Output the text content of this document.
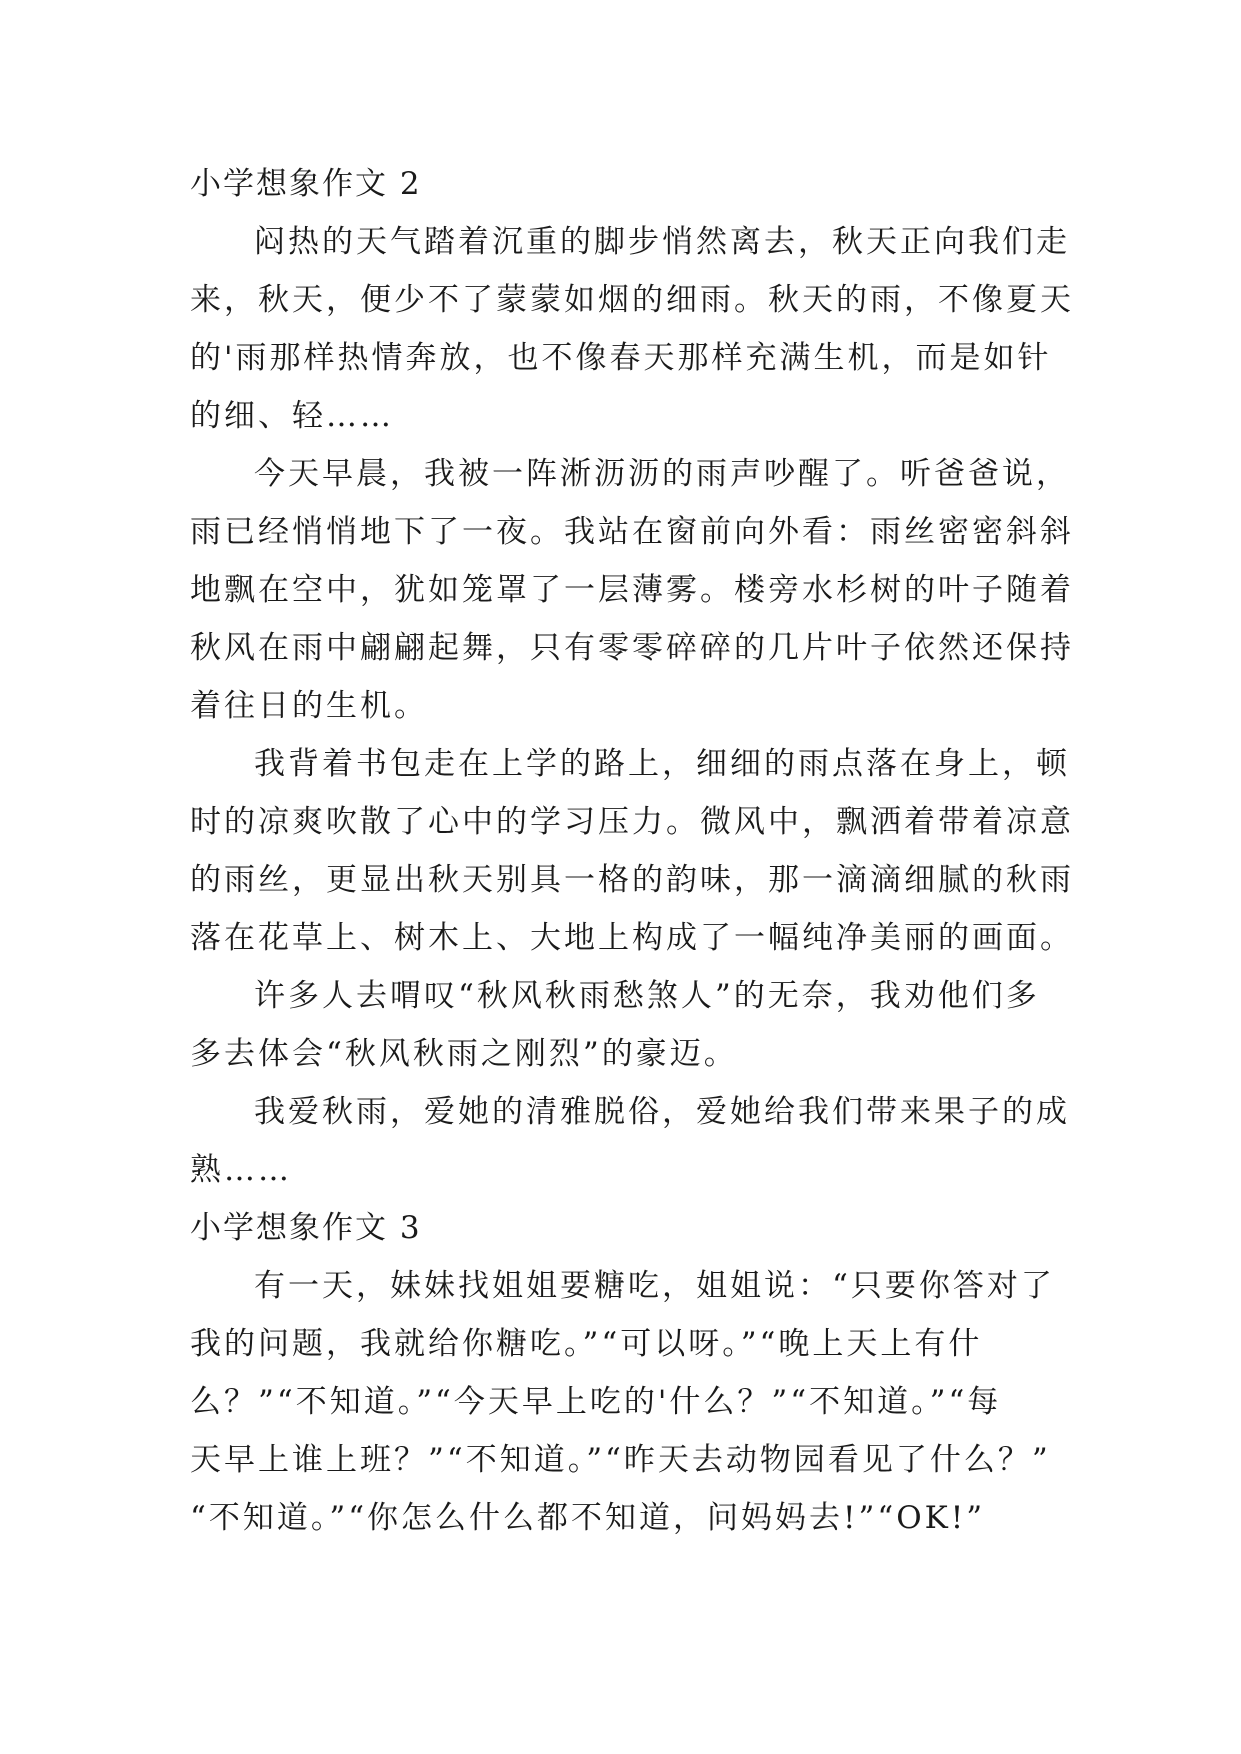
小学想象作文 2
闷热的天气踏着沉重的脚步悄然离去，秋天正向我们走
来，秋天，便少不了蒙蒙如烟的细雨。秋天的雨，不像夏天
的'雨那样热情奔放，也不像春天那样充满生机，而是如针
的细、轻……
今天早晨，我被一阵淅沥沥的雨声吵醒了。听爸爸说，
雨已经悄悄地下了一夜。我站在窗前向外看：雨丝密密斜斜
地飘在空中，犹如笼罩了一层薄雾。楼旁水杉树的叶子随着
秋风在雨中翩翩起舞，只有零零碎碎的几片叶子依然还保持
着往日的生机。
我背着书包走在上学的路上，细细的雨点落在身上，顿
时的凉爽吹散了心中的学习压力。微风中，飘洒着带着凉意
的雨丝，更显出秋天别具一格的韵味，那一滴滴细腻的秋雨
落在花草上、树木上、大地上构成了一幅纯净美丽的画面。
许多人去喟叹“秋风秋雨愁煞人”的无奈，我劝他们多
多去体会“秋风秋雨之刚烈”的豪迈。
我爱秋雨，爱她的清雅脱俗，爱她给我们带来果子的成
熟……
小学想象作文 3
有一天，妹妹找姐姐要糖吃，姐姐说：“只要你答对了
我的问题，我就给你糖吃。”“可以呀。”“晚上天上有什
么？”“不知道。”“今天早上吃的'什么？”“不知道。”“每
天早上谁上班？”“不知道。”“昨天去动物园看见了什么？”
“不知道。”“你怎么什么都不知道，问妈妈去!”“OK!”
